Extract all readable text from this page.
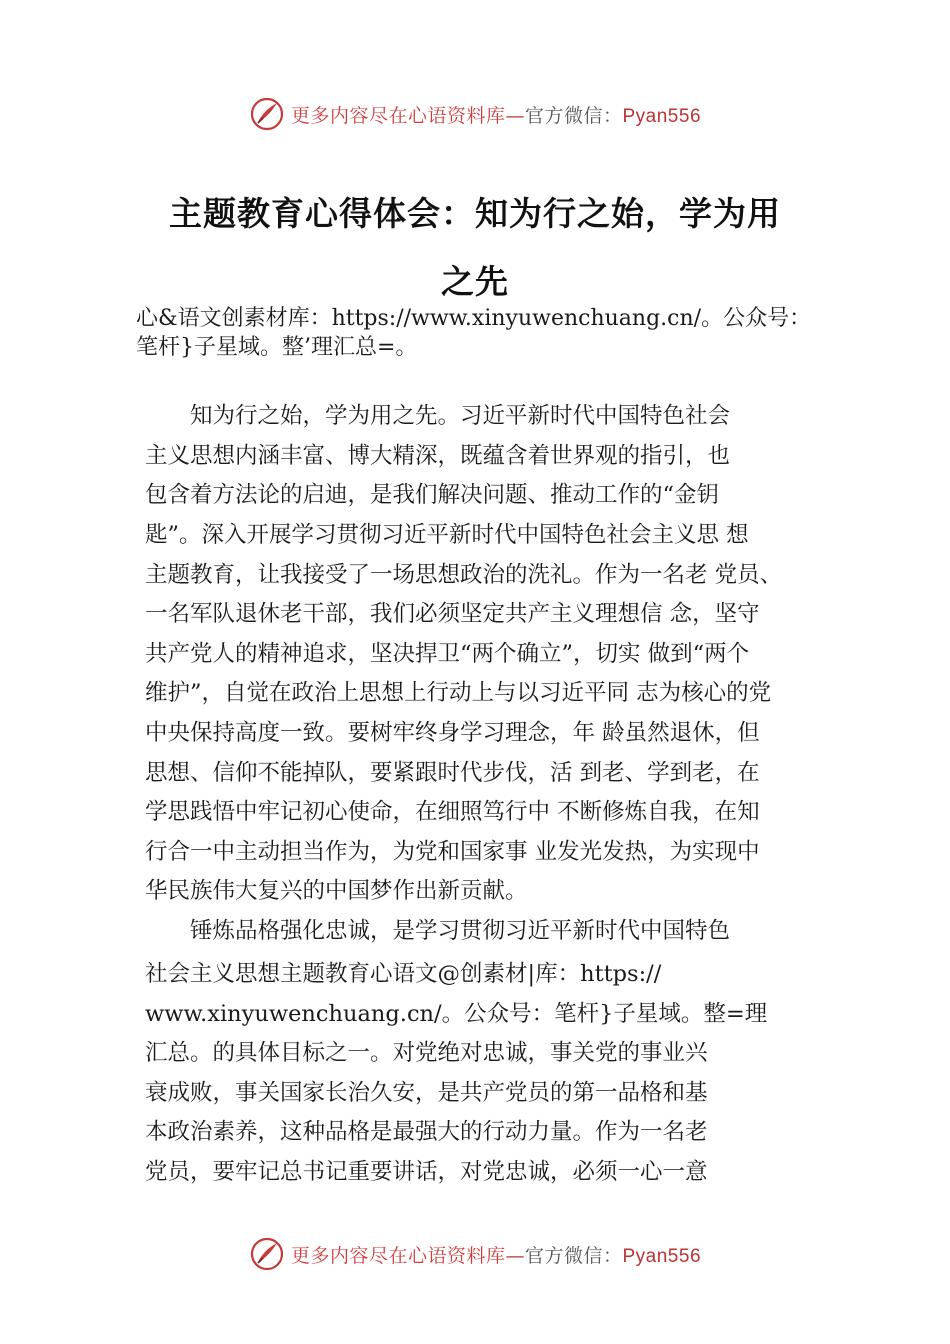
更多内容尽在心语资料库—官方微信：Pyan556
主题教育心得体会：知为行之始，学为用
之先
心&语文创素材库：https://www.xinyuwenchuang.cn/。公众号：
笔杆}子星域。整’理汇总=。
　　知为行之始，学为用之先。习近平新时代中国特色社会
主义思想内涵丰富、博大精深，既蕴含着世界观的指引，也
包含着方法论的启迪，是我们解决问题、推动工作的“金钥
匙”。深入开展学习贯彻习近平新时代中国特色社会主义思 想
主题教育，让我接受了一场思想政治的洗礼。作为一名老 党员、
一名军队退休老干部，我们必须坚定共产主义理想信 念，坚守
共产党人的精神追求，坚决捍卫“两个确立”，切实 做到“两个
维护”，自觉在政治上思想上行动上与以习近平同 志为核心的党
中央保持高度一致。要树牢终身学习理念，年 龄虽然退休，但
思想、信仰不能掉队，要紧跟时代步伐，活 到老、学到老，在
学思践悟中牢记初心使命，在细照笃行中 不断修炼自我，在知
行合一中主动担当作为，为党和国家事 业发光发热，为实现中
华民族伟大复兴的中国梦作出新贡献。
　　锤炼品格强化忠诚，是学习贯彻习近平新时代中国特色
社会主义思想主题教育心语文@创素材|库：https://
www.xinyuwenchuang.cn/。公众号：笔杆}子星域。整=理
汇总。的具体目标之一。对党绝对忠诚，事关党的事业兴
衰成败，事关国家长治久安，是共产党员的第一品格和基
本政治素养，这种品格是最强大的行动力量。作为一名老
党员，要牢记总书记重要讲话，对党忠诚，必须一心一意
更多内容尽在心语资料库—官方微信：Pyan556
